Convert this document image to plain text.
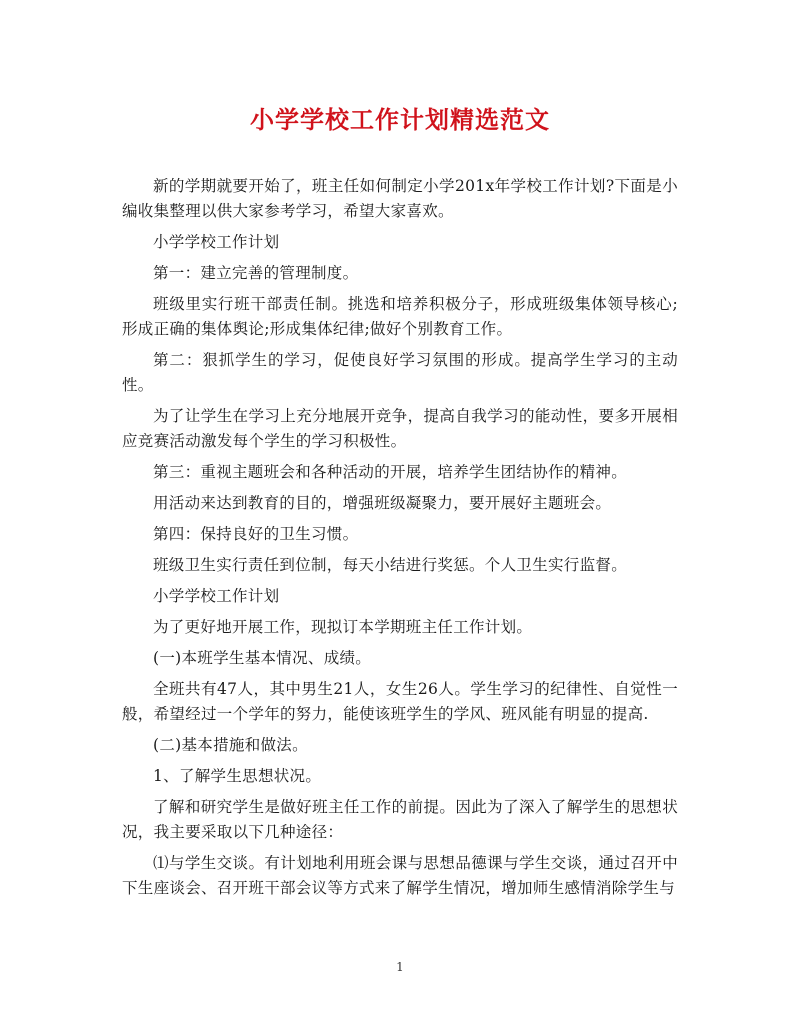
小学学校工作计划精选范文

新的学期就要开始了，班主任如何制定小学201x年学校工作计划?下面是小编收集整理以供大家参考学习，希望大家喜欢。

小学学校工作计划

第一：建立完善的管理制度。

班级里实行班干部责任制。挑选和培养积极分子，形成班级集体领导核心;形成正确的集体舆论;形成集体纪律;做好个别教育工作。

第二：狠抓学生的学习，促使良好学习氛围的形成。提高学生学习的主动性。

为了让学生在学习上充分地展开竞争，提高自我学习的能动性，要多开展相应竞赛活动激发每个学生的学习积极性。

第三：重视主题班会和各种活动的开展，培养学生团结协作的精神。

用活动来达到教育的目的，增强班级凝聚力，要开展好主题班会。

第四：保持良好的卫生习惯。

班级卫生实行责任到位制，每天小结进行奖惩。个人卫生实行监督。

小学学校工作计划

为了更好地开展工作，现拟订本学期班主任工作计划。

(一)本班学生基本情况、成绩。

全班共有47人，其中男生21人，女生26人。学生学习的纪律性、自觉性一般，希望经过一个学年的努力，能使该班学生的学风、班风能有明显的提高.

(二)基本措施和做法。

1、了解学生思想状况。

了解和研究学生是做好班主任工作的前提。因此为了深入了解学生的思想状况，我主要采取以下几种途径：

⑴与学生交谈。有计划地利用班会课与思想品德课与学生交谈，通过召开中下生座谈会、召开班干部会议等方式来了解学生情况，增加师生感情消除学生与

1
